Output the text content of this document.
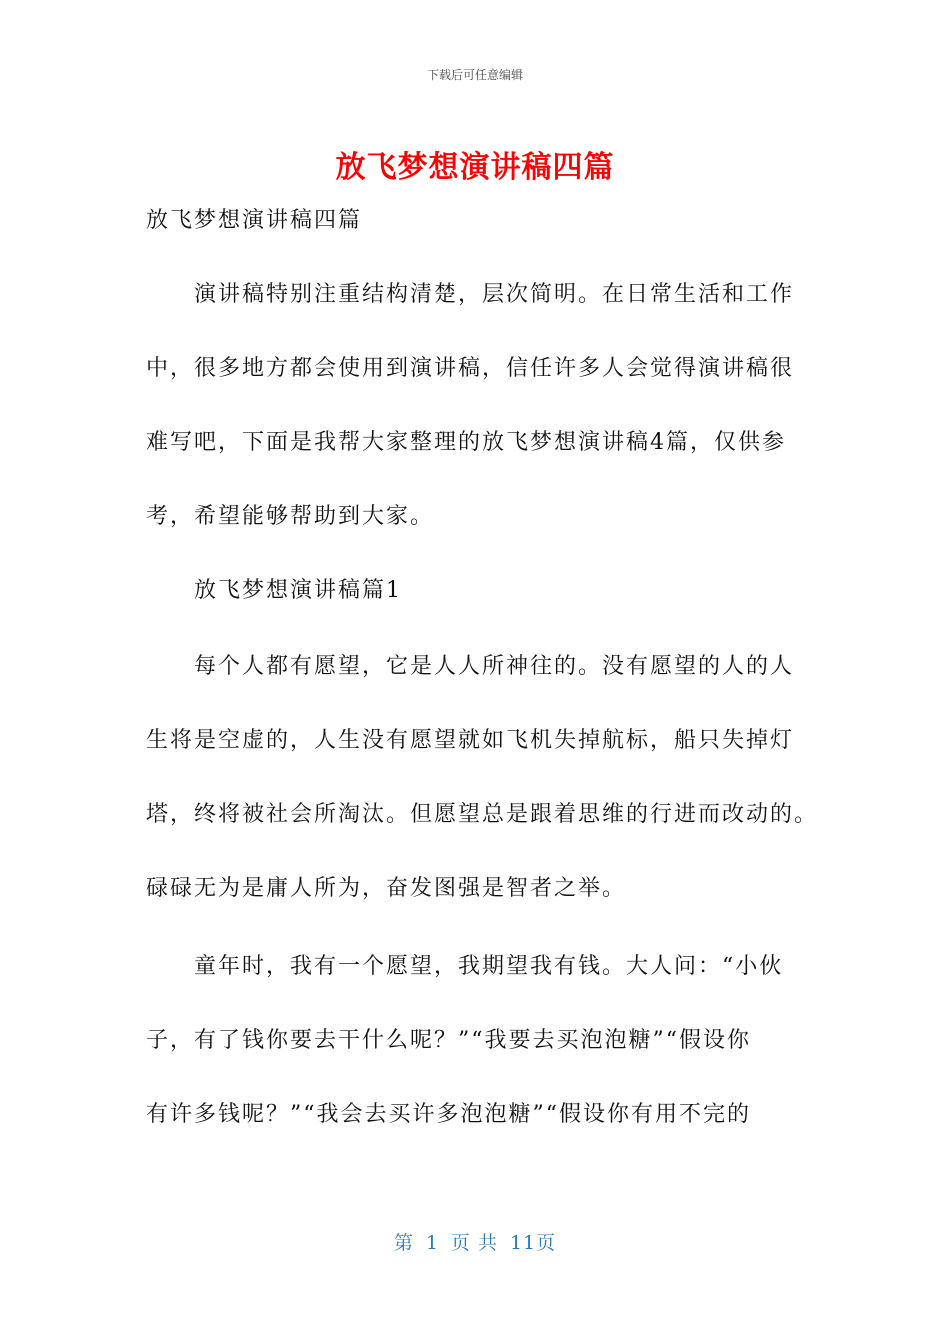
下载后可任意编辑
放飞梦想演讲稿四篇
放飞梦想演讲稿四篇
演讲稿特别注重结构清楚，层次简明。在日常生活和工作
中，很多地方都会使用到演讲稿，信任许多人会觉得演讲稿很
难写吧，下面是我帮大家整理的放飞梦想演讲稿4篇，仅供参
考，希望能够帮助到大家。
放飞梦想演讲稿篇1
每个人都有愿望，它是人人所神往的。没有愿望的人的人
生将是空虚的，人生没有愿望就如飞机失掉航标，船只失掉灯
塔，终将被社会所淘汰。但愿望总是跟着思维的行进而改动的。
碌碌无为是庸人所为，奋发图强是智者之举。
童年时，我有一个愿望，我期望我有钱。大人问：“小伙
子，有了钱你要去干什么呢？”“我要去买泡泡糖”“假设你
有许多钱呢？”“我会去买许多泡泡糖”“假设你有用不完的
第 1 页 共 11页
